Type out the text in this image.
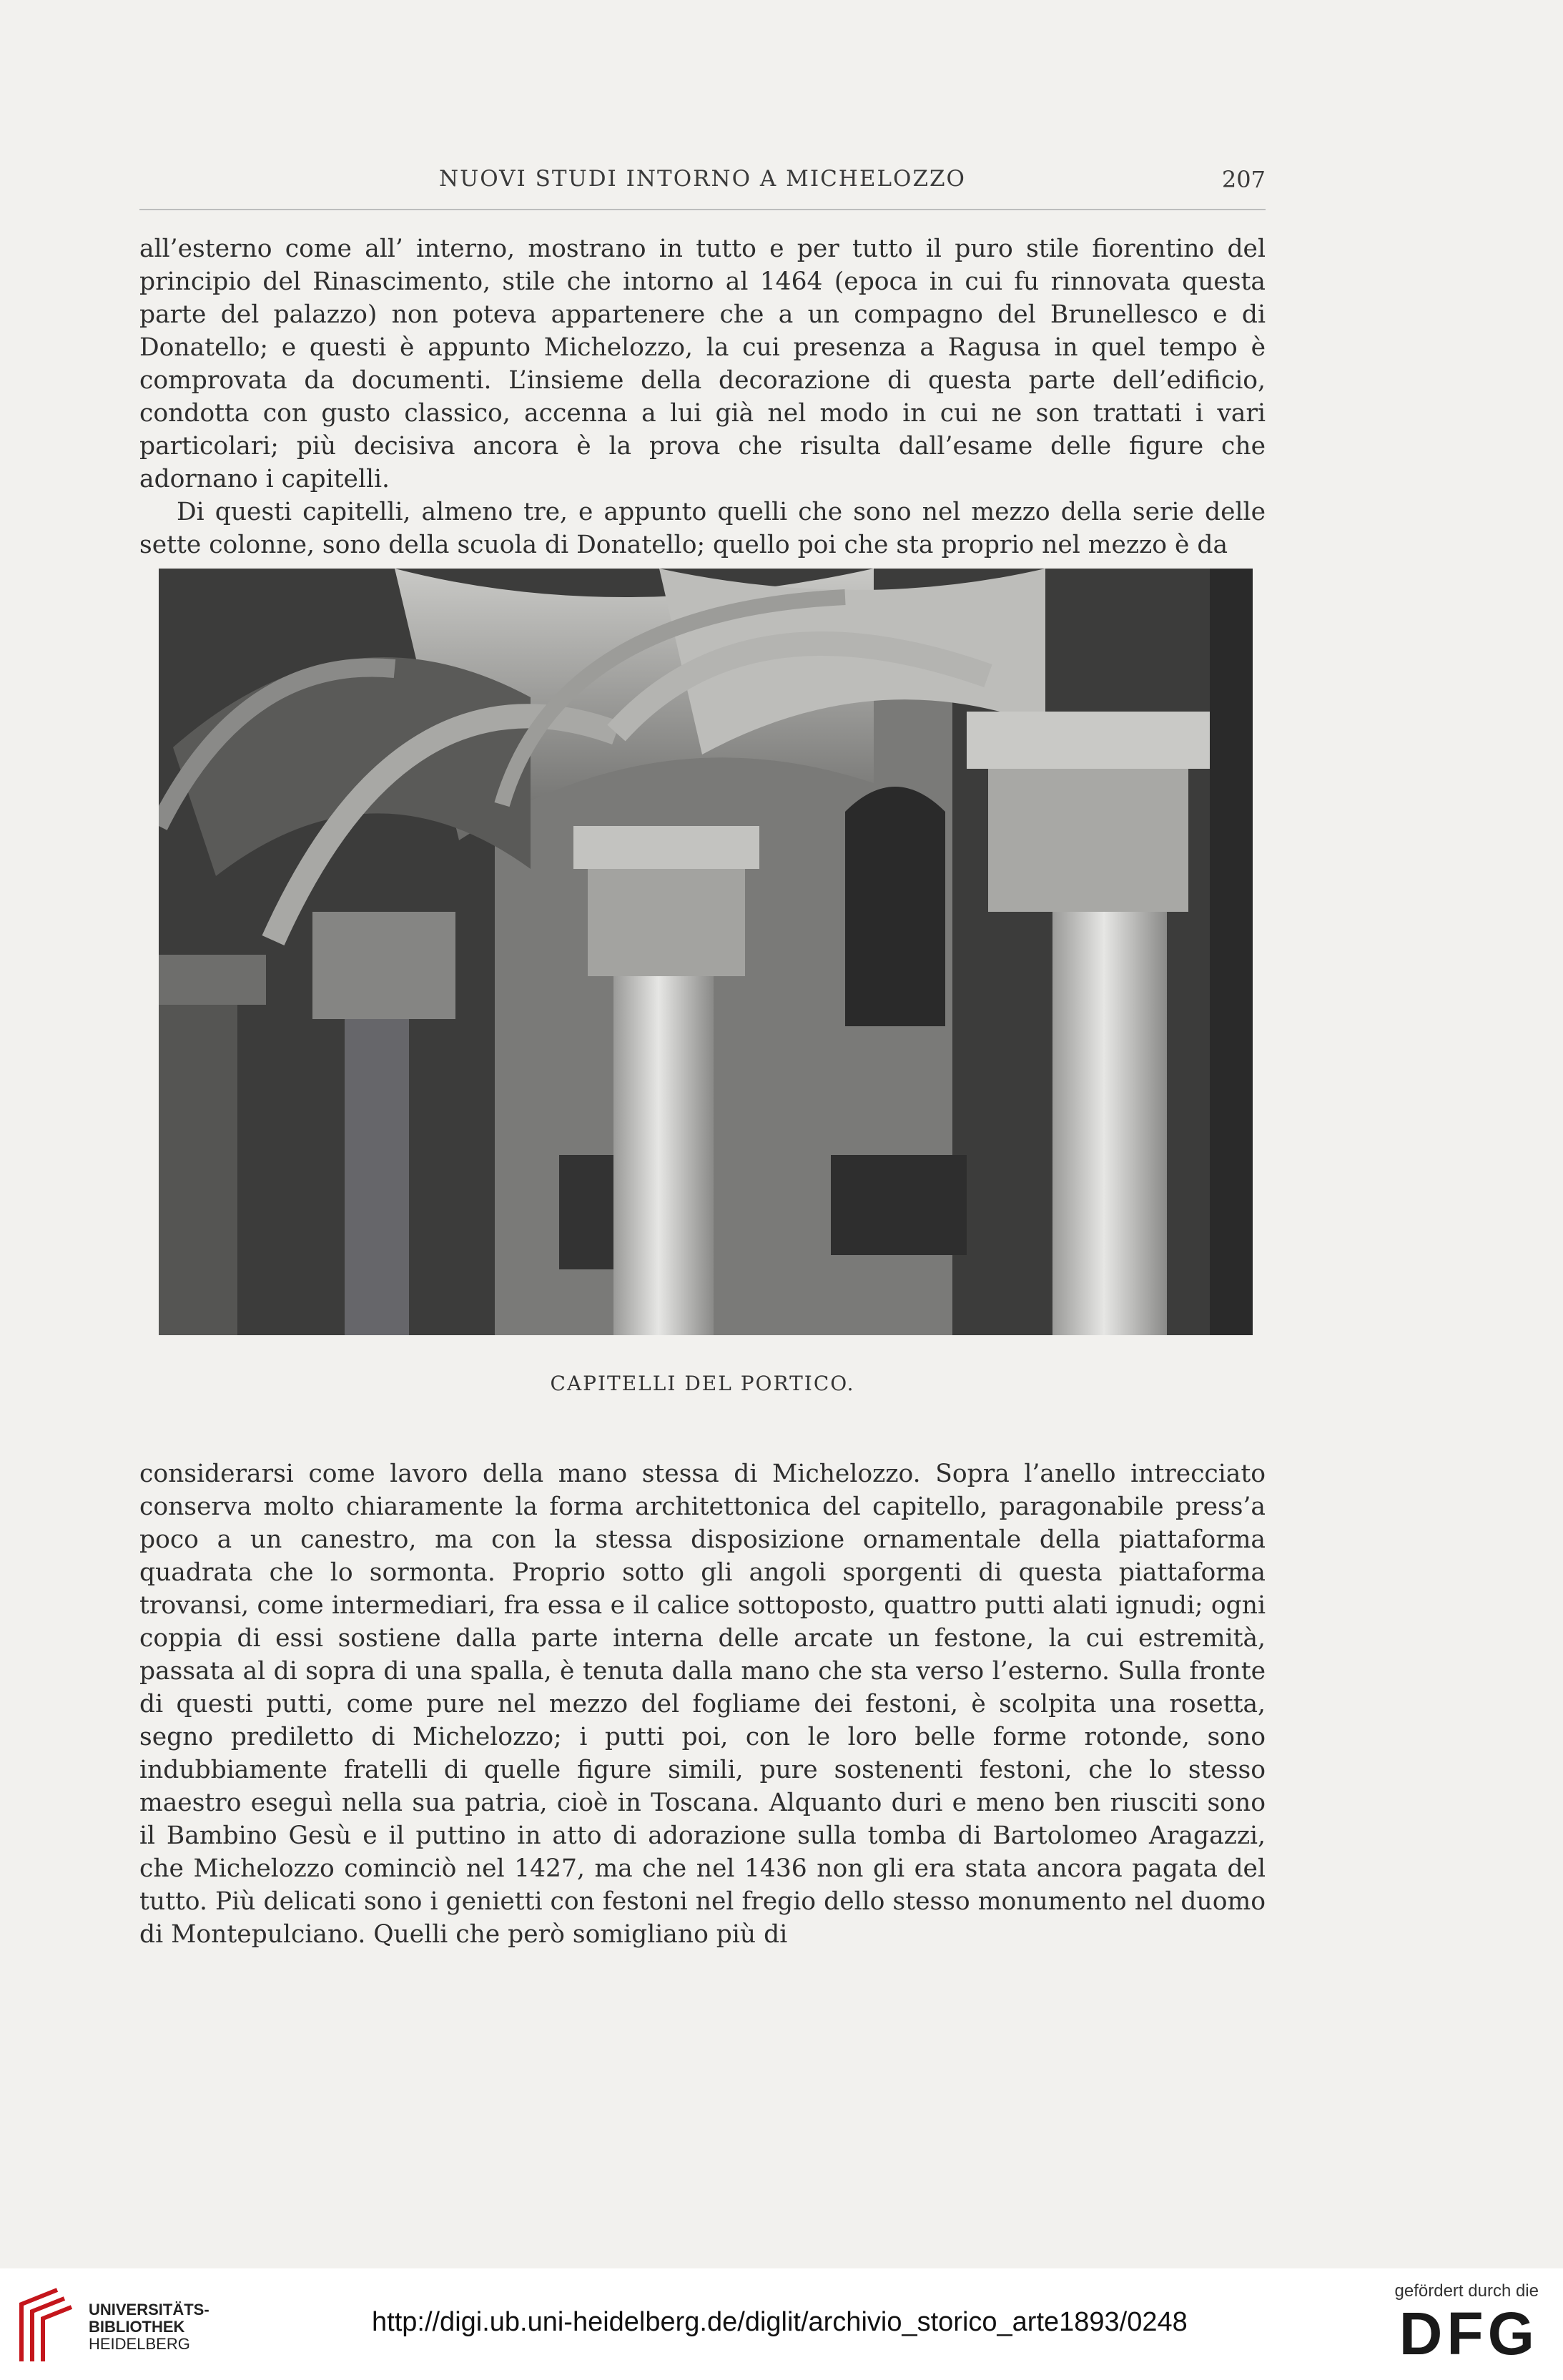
NUOVI STUDI INTORNO A MICHELOZZO	207

all’esterno come all’ interno, mostrano in tutto e per tutto il puro stile fiorentino del principio del Rinascimento, stile che intorno al 1464 (epoca in cui fu rinnovata questa parte del palazzo) non poteva appartenere che a un compagno del Brunellesco e di Donatello; e questi è appunto Michelozzo, la cui presenza a Ragusa in quel tempo è comprovata da documenti. L’insieme della decorazione di questa parte dell’edificio, condotta con gusto classico, accenna a lui già nel modo in cui ne son trattati i vari particolari; più decisiva ancora è la prova che risulta dall’esame delle figure che adornano i capitelli.

Di questi capitelli, almeno tre, e appunto quelli che sono nel mezzo della serie delle sette colonne, sono della scuola di Donatello; quello poi che sta proprio nel mezzo è da

CAPITELLI DEL PORTICO.

considerarsi come lavoro della mano stessa di Michelozzo. Sopra l’anello intrecciato conserva molto chiaramente la forma architettonica del capitello, paragonabile press’a poco a un canestro, ma con la stessa disposizione ornamentale della piattaforma quadrata che lo sormonta. Proprio sotto gli angoli sporgenti di questa piattaforma trovansi, come intermediari, fra essa e il calice sottoposto, quattro putti alati ignudi; ogni coppia di essi sostiene dalla parte interna delle arcate un festone, la cui estremità, passata al di sopra di una spalla, è tenuta dalla mano che sta verso l’esterno. Sulla fronte di questi putti, come pure nel mezzo del fogliame dei festoni, è scolpita una rosetta, segno prediletto di Michelozzo; i putti poi, con le loro belle forme rotonde, sono indubbiamente fratelli di quelle figure simili, pure sostenenti festoni, che lo stesso maestro eseguì nella sua patria, cioè in Toscana. Alquanto duri e meno ben riusciti sono il Bambino Gesù e il puttino in atto di adorazione sulla tomba di Bartolomeo Aragazzi, che Michelozzo cominciò nel 1427, ma che nel 1436 non gli era stata ancora pagata del tutto. Più delicati sono i genietti con festoni nel fregio dello stesso monumento nel duomo di Montepulciano. Quelli che però somigliano più di

UNIVERSITÄTS-
BIBLIOTHEK
HEIDELBERG
http://digi.ub.uni-heidelberg.de/diglit/archivio_storico_arte1893/0248
gefördert durch die
DFG
